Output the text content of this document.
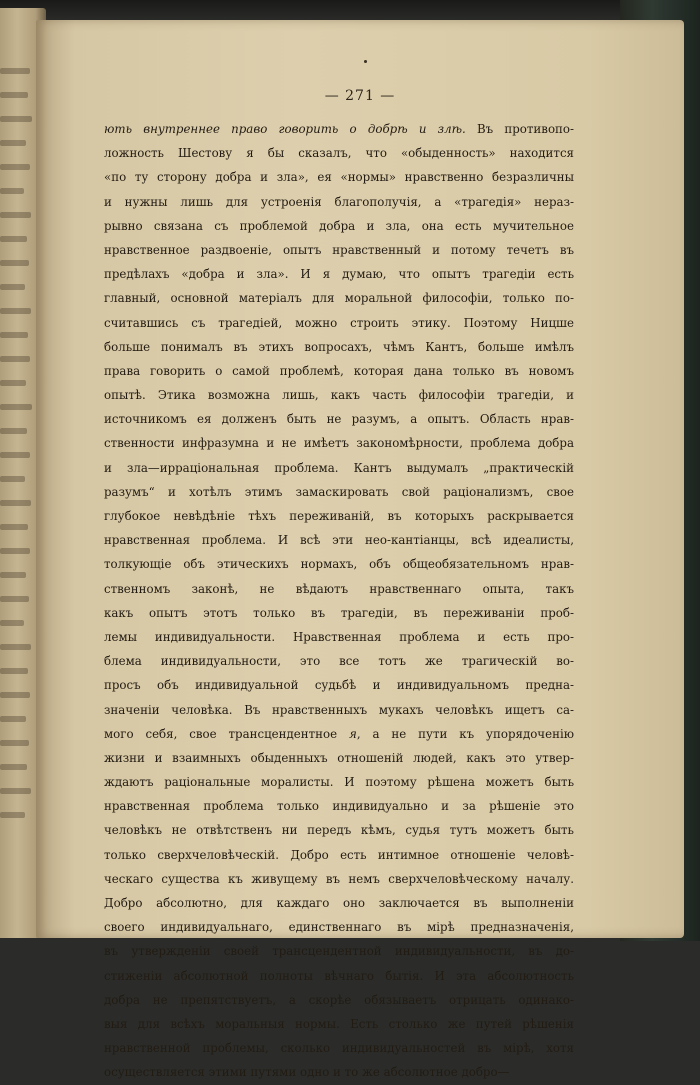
— 271 —
ють внутреннее право говорить о добрѣ и злѣ. Въ противопо-
ложность Шестову я бы сказалъ, что «обыденность» находится
«по ту сторону добра и зла», ея «нормы» нравственно безразличны
и нужны лишь для устроенія благополучія, а «трагедія» нераз-
рывно связана съ проблемой добра и зла, она есть мучительное
нравственное раздвоеніе, опытъ нравственный и потому течетъ въ
предѣлахъ «добра и зла». И я думаю, что опытъ трагедіи есть
главный, основной матеріалъ для моральной философіи, только по-
считавшись съ трагедіей, можно строить этику. Поэтому Ницше
больше понималъ въ этихъ вопросахъ, чѣмъ Кантъ, больше имѣлъ
права говорить о самой проблемѣ, которая дана только въ новомъ
опытѣ. Этика возможна лишь, какъ часть философіи трагедіи, и
источникомъ ея долженъ быть не разумъ, а опытъ. Область нрав-
ственности инфразумна и не имѣетъ закономѣрности, проблема добра
и зла—ирраціональная проблема. Кантъ выдумалъ „практическій
разумъ“ и хотѣлъ этимъ замаскировать свой раціонализмъ, свое
глубокое невѣдѣніе тѣхъ переживаній, въ которыхъ раскрывается
нравственная проблема. И всѣ эти нео-кантіанцы, всѣ идеалисты,
толкующіе объ этическихъ нормахъ, объ общеобязательномъ нрав-
ственномъ законѣ, не вѣдаютъ нравственнаго опыта, такъ
какъ опытъ этотъ только въ трагедіи, въ переживаніи проб-
лемы индивидуальности. Нравственная проблема и есть про-
блема индивидуальности, это все тотъ же трагическій во-
просъ объ индивидуальной судьбѣ и индивидуальномъ предна-
значеніи человѣка. Въ нравственныхъ мукахъ человѣкъ ищетъ са-
мого себя, свое трансцендентное я, а не пути къ упорядоченію
жизни и взаимныхъ обыденныхъ отношеній людей, какъ это утвер-
ждаютъ раціональные моралисты. И поэтому рѣшена можетъ быть
нравственная проблема только индивидуально и за рѣшеніе это
человѣкъ не отвѣтственъ ни передъ кѣмъ, судья тутъ можетъ быть
только сверхчеловѣческій. Добро есть интимное отношеніе человѣ-
ческаго существа къ живущему въ немъ сверхчеловѣческому началу.
Добро абсолютно, для каждаго оно заключается въ выполненіи
своего индивидуальнаго, единственнаго въ мірѣ предназначенія,
въ утвержденіи своей трансцендентной индивидуальности, въ до-
стиженіи абсолютной полноты вѣчнаго бытія. И эта абсолютность
добра не препятствуетъ, а скорѣе обязываетъ отрицать одинако-
выя для всѣхъ моральныя нормы. Есть столько же путей рѣшенія
нравственной проблемы, сколько индивидуальностей въ мірѣ, хотя
осуществляется этими путями одно и то же абсолютное добро—
